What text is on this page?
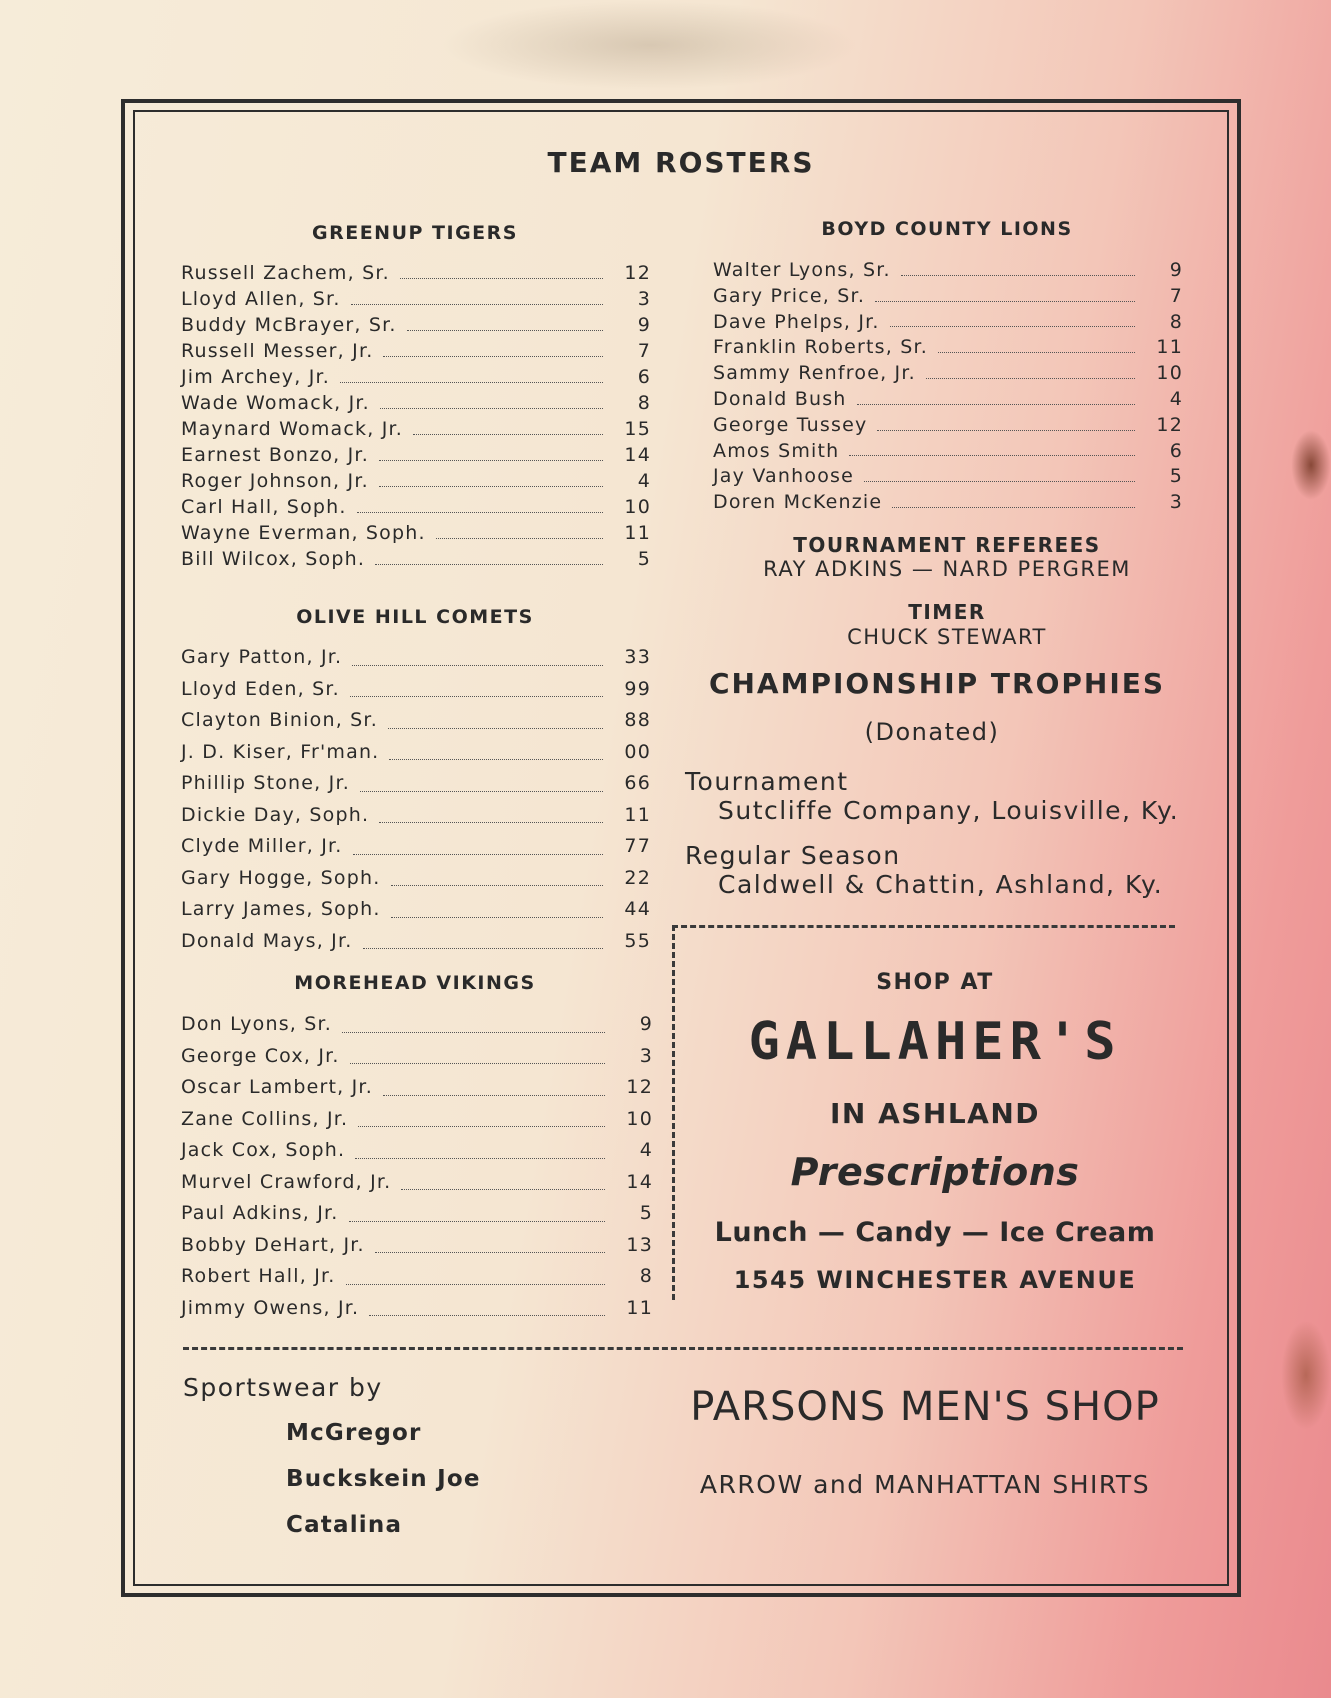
TEAM ROSTERS
GREENUP TIGERS
Russell Zachem, Sr.	12
Lloyd Allen, Sr.	3
Buddy McBrayer, Sr.	9
Russell Messer, Jr.	7
Jim Archey, Jr.	6
Wade Womack, Jr.	8
Maynard Womack, Jr.	15
Earnest Bonzo, Jr.	14
Roger Johnson, Jr.	4
Carl Hall, Soph.	10
Wayne Everman, Soph.	11
Bill Wilcox, Soph.	5
OLIVE HILL COMETS
Gary Patton, Jr.	33
Lloyd Eden, Sr.	99
Clayton Binion, Sr.	88
J. D. Kiser, Fr'man.	00
Phillip Stone, Jr.	66
Dickie Day, Soph.	11
Clyde Miller, Jr.	77
Gary Hogge, Soph.	22
Larry James, Soph.	44
Donald Mays, Jr.	55
MOREHEAD VIKINGS
Don Lyons, Sr.	9
George Cox, Jr.	3
Oscar Lambert, Jr.	12
Zane Collins, Jr.	10
Jack Cox, Soph.	4
Murvel Crawford, Jr.	14
Paul Adkins, Jr.	5
Bobby DeHart, Jr.	13
Robert Hall, Jr.	8
Jimmy Owens, Jr.	11
BOYD COUNTY LIONS
Walter Lyons, Sr.	9
Gary Price, Sr.	7
Dave Phelps, Jr.	8
Franklin Roberts, Sr.	11
Sammy Renfroe, Jr.	10
Donald Bush	4
George Tussey	12
Amos Smith	6
Jay Vanhoose	5
Doren McKenzie	3
TOURNAMENT REFEREES
RAY ADKINS — NARD PERGREM
TIMER
CHUCK STEWART
CHAMPIONSHIP TROPHIES
(Donated)
Tournament
Sutcliffe Company, Louisville, Ky.
Regular Season
Caldwell & Chattin, Ashland, Ky.
SHOP AT
GALLAHER'S
IN ASHLAND
Prescriptions
Lunch — Candy — Ice Cream
1545 WINCHESTER AVENUE
Sportswear by
McGregor
Buckskein Joe
Catalina
PARSONS MEN'S SHOP
ARROW and MANHATTAN SHIRTS
